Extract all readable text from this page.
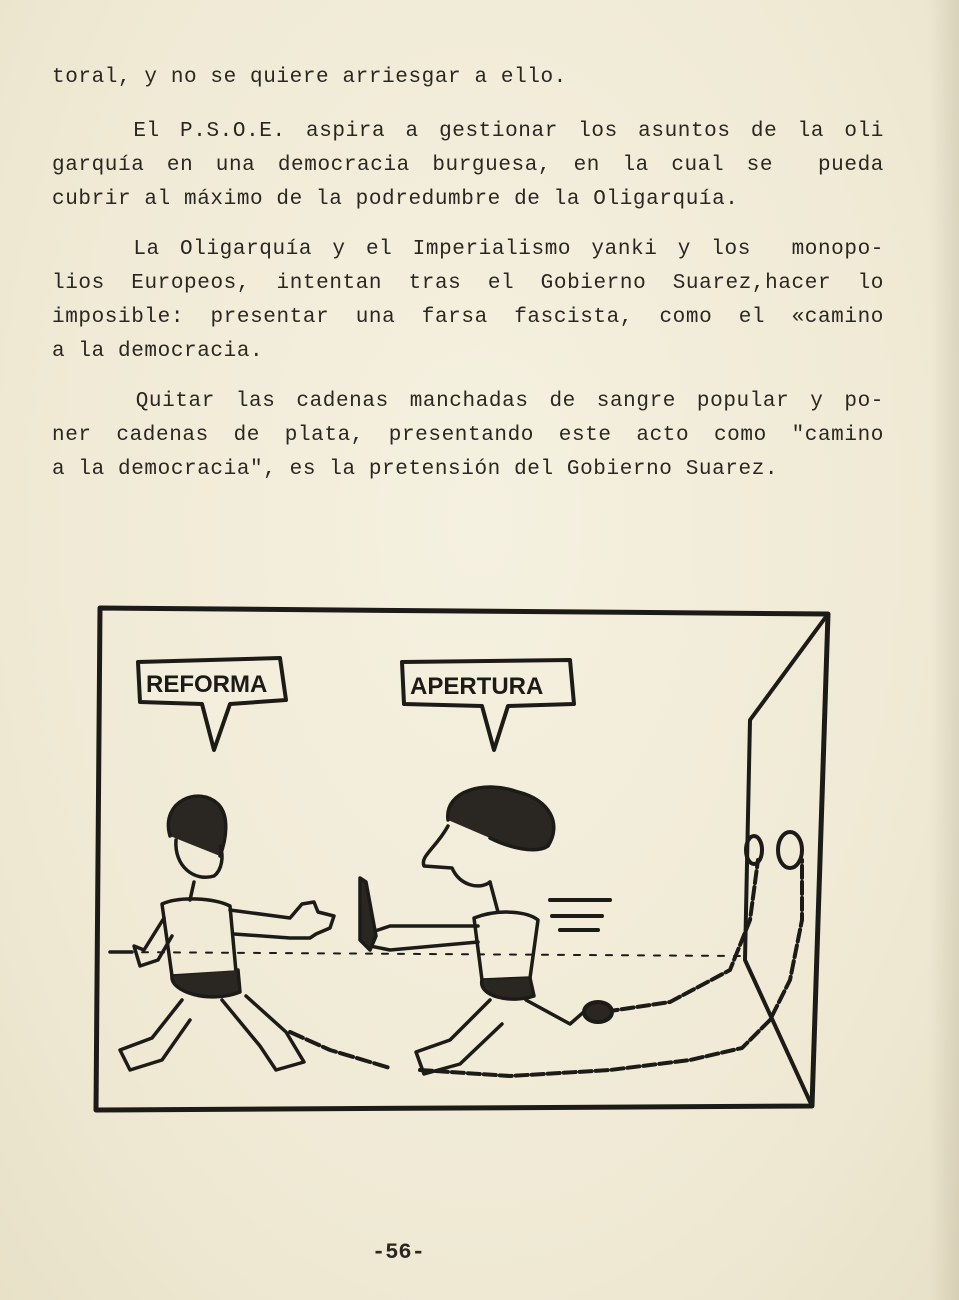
toral, y no se quiere arriesgar a ello.
El P.S.O.E. aspira a gestionar los asuntos de la oli
garquía en una democracia burguesa, en la cual se  pueda
cubrir al máximo de la podredumbre de la Oligarquía.
La Oligarquía y el Imperialismo yanki y los  monopo-
lios Europeos, intentan tras el Gobierno Suarez,hacer lo
imposible: presentar una farsa fascista, como el «camino
a la democracia.
Quitar las cadenas manchadas de sangre popular y po-
ner cadenas de plata, presentando este acto como "camino
a la democracia", es la pretensión del Gobierno Suarez.
REFORMA	APERTURA
-56-
